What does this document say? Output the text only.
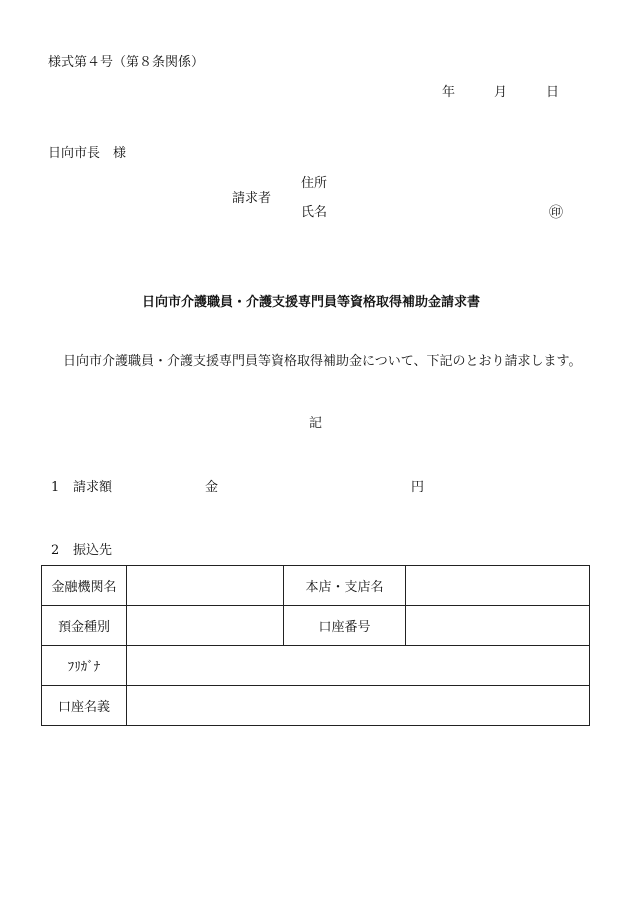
様式第４号（第８条関係）
年	月	日
日向市長　様
住所
請求者
氏名	㊞
日向市介護職員・介護支援専門員等資格取得補助金請求書
日向市介護職員・介護支援専門員等資格取得補助金について、下記のとおり請求します。
記
1 請求額	金	円
2 振込先
金融機関名		本店・支店名	
預金種別		口座番号	
ﾌﾘｶﾞﾅ			
口座名義			
